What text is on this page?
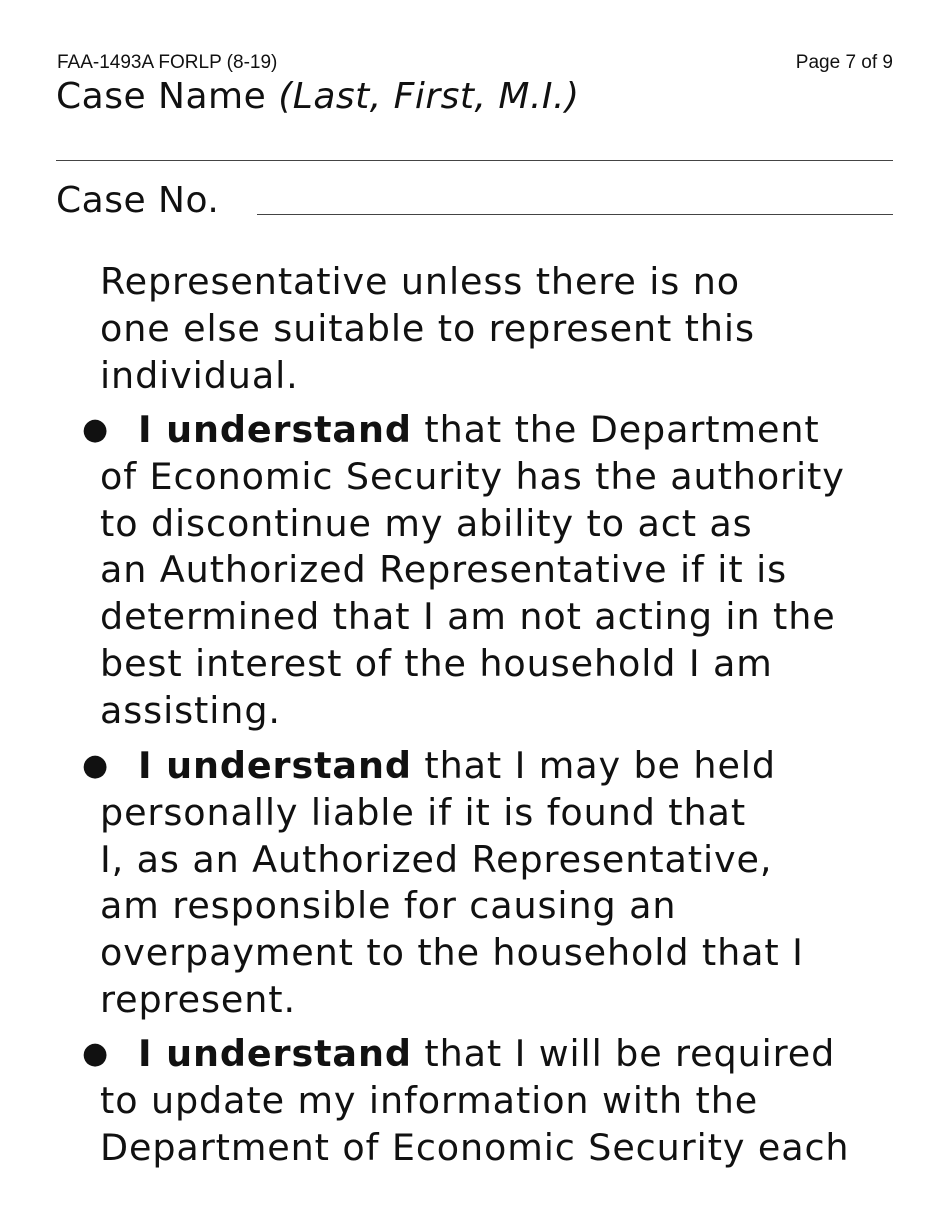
FAA-1493A FORLP (8-19)	Page 7 of 9
Case Name (Last, First, M.I.)
Case No.
Representative unless there is no
one else suitable to represent this
individual.
● I understand that the Department
of Economic Security has the authority
to discontinue my ability to act as
an Authorized Representative if it is
determined that I am not acting in the
best interest of the household I am
assisting.
● I understand that I may be held
personally liable if it is found that
I, as an Authorized Representative,
am responsible for causing an
overpayment to the household that I
represent.
● I understand that I will be required
to update my information with the
Department of Economic Security each
